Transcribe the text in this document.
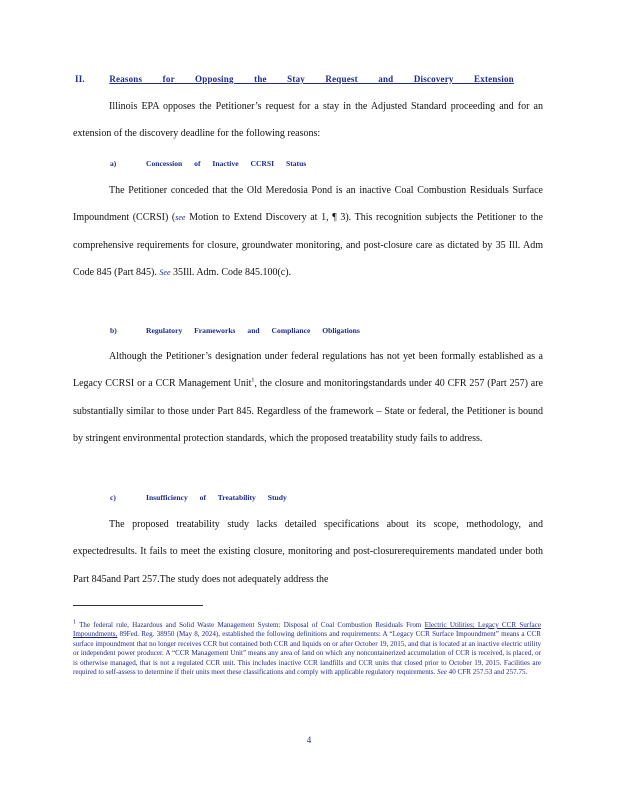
II.	Reasons for Opposing the Stay Request and Discovery Extension
Illinois EPA opposes the Petitioner’s request for a stay in the Adjusted Standard proceeding and for an extension of the discovery deadline for the following reasons:
a)	Concession of Inactive CCRSI Status
The Petitioner conceded that the Old Meredosia Pond is an inactive Coal Combustion Residuals Surface Impoundment (CCRSI) (see Motion to Extend Discovery at 1, ¶ 3). This recognition subjects the Petitioner to the comprehensive requirements for closure, groundwater monitoring, and post-closure care as dictated by 35 Ill. Adm Code 845 (Part 845). See 35Ill. Adm. Code 845.100(c).
b)	Regulatory Frameworks and Compliance Obligations
Although the Petitioner’s designation under federal regulations has not yet been formally established as a Legacy CCRSI or a CCR Management Unit$^1$, the closure and monitoringstandards under 40 CFR 257 (Part 257) are substantially similar to those under Part 845. Regardless of the framework – State or federal, the Petitioner is bound by stringent environmental protection standards, which the proposed treatability study fails to address.
c)	Insufficiency of Treatability Study
The proposed treatability study lacks detailed specifications about its scope, methodology, and expectedresults. It fails to meet the existing closure, monitoring and post-closurerequirements mandated under both Part 845and Part 257.The study does not adequately address the
$^1$ The federal rule, Hazardous and Solid Waste Management System: Disposal of Coal Combustion Residuals From Electric Utilities; Legacy CCR Surface Impoundments, 89Fed. Reg. 38950 (May 8, 2024), established the following definitions and requirements: A “Legacy CCR Surface Impoundment” means a CCR surface impoundment that no longer receives CCR but contained both CCR and liquids on or after October 19, 2015, and that is located at an inactive electric utility or independent power producer. A “CCR Management Unit” means any area of land on which any noncontainerized accumulation of CCR is received, is placed, or is otherwise managed, that is not a regulated CCR unit. This includes inactive CCR landfills and CCR units that closed prior to October 19, 2015. Facilities are required to self-assess to determine if their units meet these classifications and comply with applicable regulatory requirements. See 40 CFR 257.53 and 257.75.
4
